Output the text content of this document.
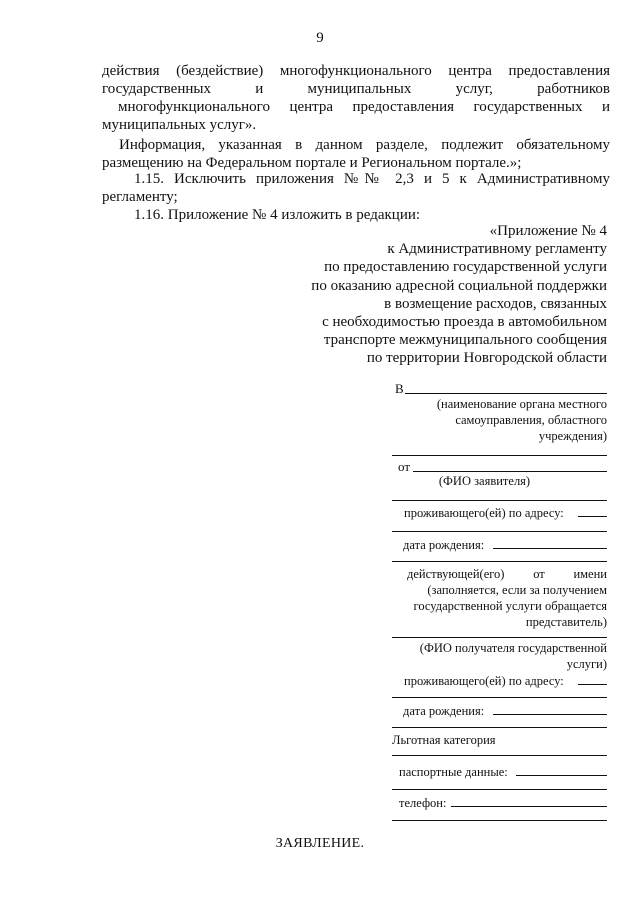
9
действия (бездействие) многофункционального центра предоставления
государственных и муниципальных услуг, работников
многофункционального центра предоставления государственных и
муниципальных услуг».
Информация, указанная в данном разделе, подлежит обязательному
размещению на Федеральном портале и Региональном портале.»;
1.15. Исключить приложения №№ 2,3 и 5 к Административному
регламенту;
1.16. Приложение № 4 изложить в редакции:
«Приложение № 4
к Административному регламенту
по предоставлению государственной услуги
по оказанию адресной социальной поддержки
в возмещение расходов, связанных
с необходимостью проезда в автомобильном
транспорте межмуниципального сообщения
по территории Новгородской области
В
(наименование органа местного
самоуправления, областного
учреждения)
от
(ФИО заявителя)
проживающего(ей) по адресу:
дата рождения:
действующей(его) от имени
(заполняется, если за получением
государственной услуги обращается
представитель)
(ФИО получателя государственной
услуги)
проживающего(ей) по адресу:
дата рождения:
Льготная категория
паспортные данные:
телефон:
ЗАЯВЛЕНИЕ.
